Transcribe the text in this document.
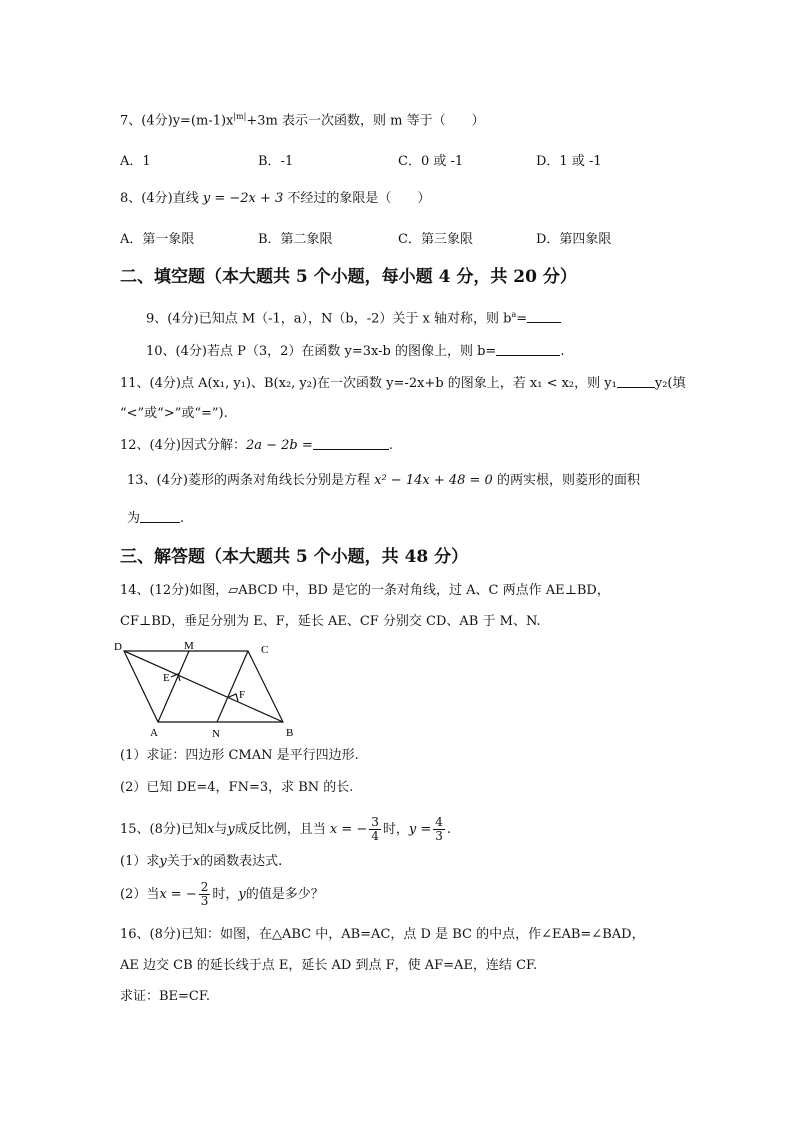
7、(4分)$y=(m-1)x^{|m|}+3m$ 表示一次函数，则 m 等于（　　）
A．1	B．-1	C．0 或 -1	D．1 或 -1
8、(4分)直线 y = −2x + 3 不经过的象限是（　　）
A．第一象限	B．第二象限	C．第三象限	D．第四象限
二、填空题（本大题共 5 个小题，每小题 4 分，共 20 分）
9、(4分)已知点 M（-1，a），N（b，-2）关于 x 轴对称，则 $b^a=$
10、(4分)若点 P（3，2）在函数 y=3x-b 的图像上，则 b=	.
11、(4分)点 A(x₁, y₁)、B(x₂, y₂)在一次函数 y=-2x+b 的图象上，若 x₁ < x₂，则 y₁	y₂(填
“<”或“>”或“=”).
12、(4分)因式分解：2a − 2b =	.
13、(4分)菱形的两条对角线长分别是方程 x² − 14x + 48 = 0 的两实根，则菱形的面积
为	.
三、解答题（本大题共 5 个小题，共 48 分）
14、(12分)如图，▱ABCD 中，BD 是它的一条对角线，过 A、C 两点作 AE⊥BD，
CF⊥BD，垂足分别为 E、F，延长 AE、CF 分别交 CD、AB 于 M、N.
D	M	C
E
F
A	N	B
(1）求证：四边形 CMAN 是平行四边形.
(2）已知 DE=4，FN=3，求 BN 的长.
15、(8分)已知x与y成反比例，且当 x = − $\frac{3}{4}$ 时，$y = \frac{4}{3}$ .
(1）求y关于x的函数表达式.
(2）当x = − $\frac{2}{3}$ 时，y的值是多少？
16、(8分)已知：如图，在△ABC 中，AB=AC，点 D 是 BC 的中点，作∠EAB=∠BAD，
AE 边交 CB 的延长线于点 E，延长 AD 到点 F，使 AF=AE，连结 CF.
求证：BE=CF.
